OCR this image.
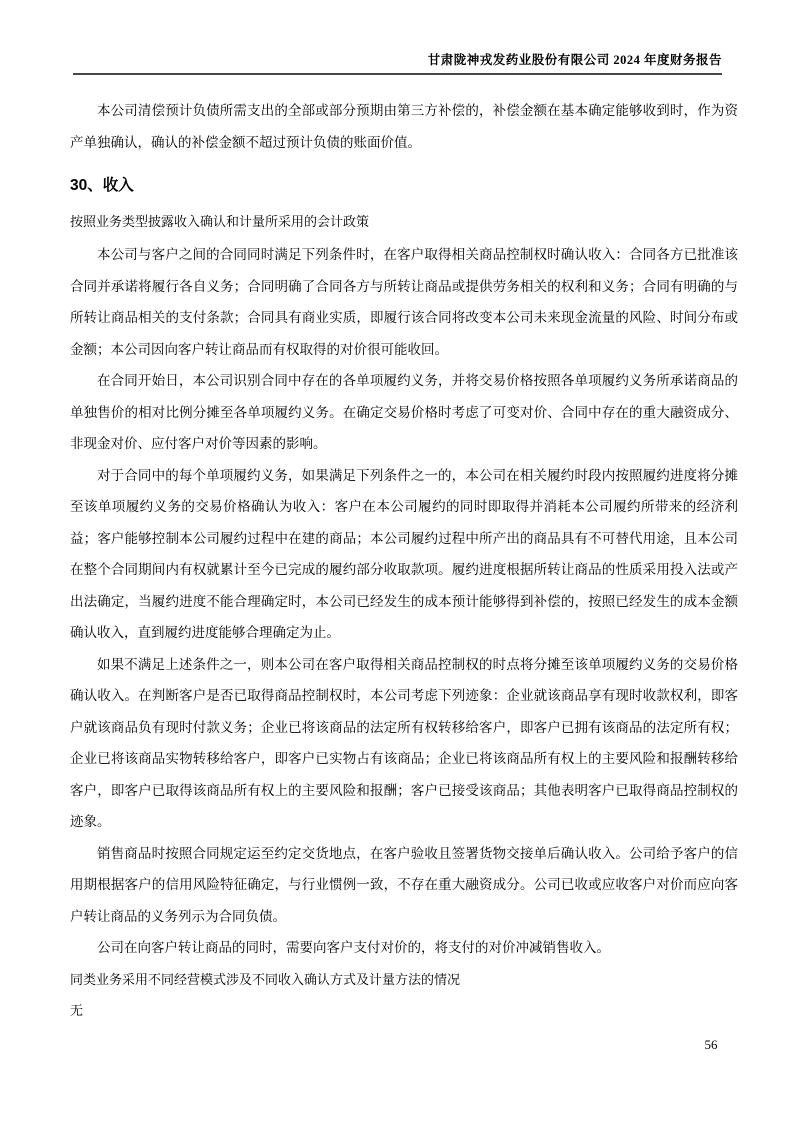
甘肃陇神戎发药业股份有限公司 2024 年度财务报告

本公司清偿预计负债所需支出的全部或部分预期由第三方补偿的，补偿金额在基本确定能够收到时，作为资产单独确认，确认的补偿金额不超过预计负债的账面价值。

30、收入

按照业务类型披露收入确认和计量所采用的会计政策

本公司与客户之间的合同同时满足下列条件时，在客户取得相关商品控制权时确认收入：合同各方已批准该合同并承诺将履行各自义务；合同明确了合同各方与所转让商品或提供劳务相关的权利和义务；合同有明确的与所转让商品相关的支付条款；合同具有商业实质，即履行该合同将改变本公司未来现金流量的风险、时间分布或金额；本公司因向客户转让商品而有权取得的对价很可能收回。

在合同开始日，本公司识别合同中存在的各单项履约义务，并将交易价格按照各单项履约义务所承诺商品的单独售价的相对比例分摊至各单项履约义务。在确定交易价格时考虑了可变对价、合同中存在的重大融资成分、非现金对价、应付客户对价等因素的影响。

对于合同中的每个单项履约义务，如果满足下列条件之一的，本公司在相关履约时段内按照履约进度将分摊至该单项履约义务的交易价格确认为收入：客户在本公司履约的同时即取得并消耗本公司履约所带来的经济利益；客户能够控制本公司履约过程中在建的商品；本公司履约过程中所产出的商品具有不可替代用途，且本公司在整个合同期间内有权就累计至今已完成的履约部分收取款项。履约进度根据所转让商品的性质采用投入法或产出法确定，当履约进度不能合理确定时，本公司已经发生的成本预计能够得到补偿的，按照已经发生的成本金额确认收入，直到履约进度能够合理确定为止。

如果不满足上述条件之一，则本公司在客户取得相关商品控制权的时点将分摊至该单项履约义务的交易价格确认收入。在判断客户是否已取得商品控制权时，本公司考虑下列迹象：企业就该商品享有现时收款权利，即客户就该商品负有现时付款义务；企业已将该商品的法定所有权转移给客户，即客户已拥有该商品的法定所有权；企业已将该商品实物转移给客户，即客户已实物占有该商品；企业已将该商品所有权上的主要风险和报酬转移给客户，即客户已取得该商品所有权上的主要风险和报酬；客户已接受该商品；其他表明客户已取得商品控制权的迹象。

销售商品时按照合同规定运至约定交货地点，在客户验收且签署货物交接单后确认收入。公司给予客户的信用期根据客户的信用风险特征确定，与行业惯例一致，不存在重大融资成分。公司已收或应收客户对价而应向客户转让商品的义务列示为合同负债。

公司在向客户转让商品的同时，需要向客户支付对价的，将支付的对价冲减销售收入。

同类业务采用不同经营模式涉及不同收入确认方式及计量方法的情况

无

56
